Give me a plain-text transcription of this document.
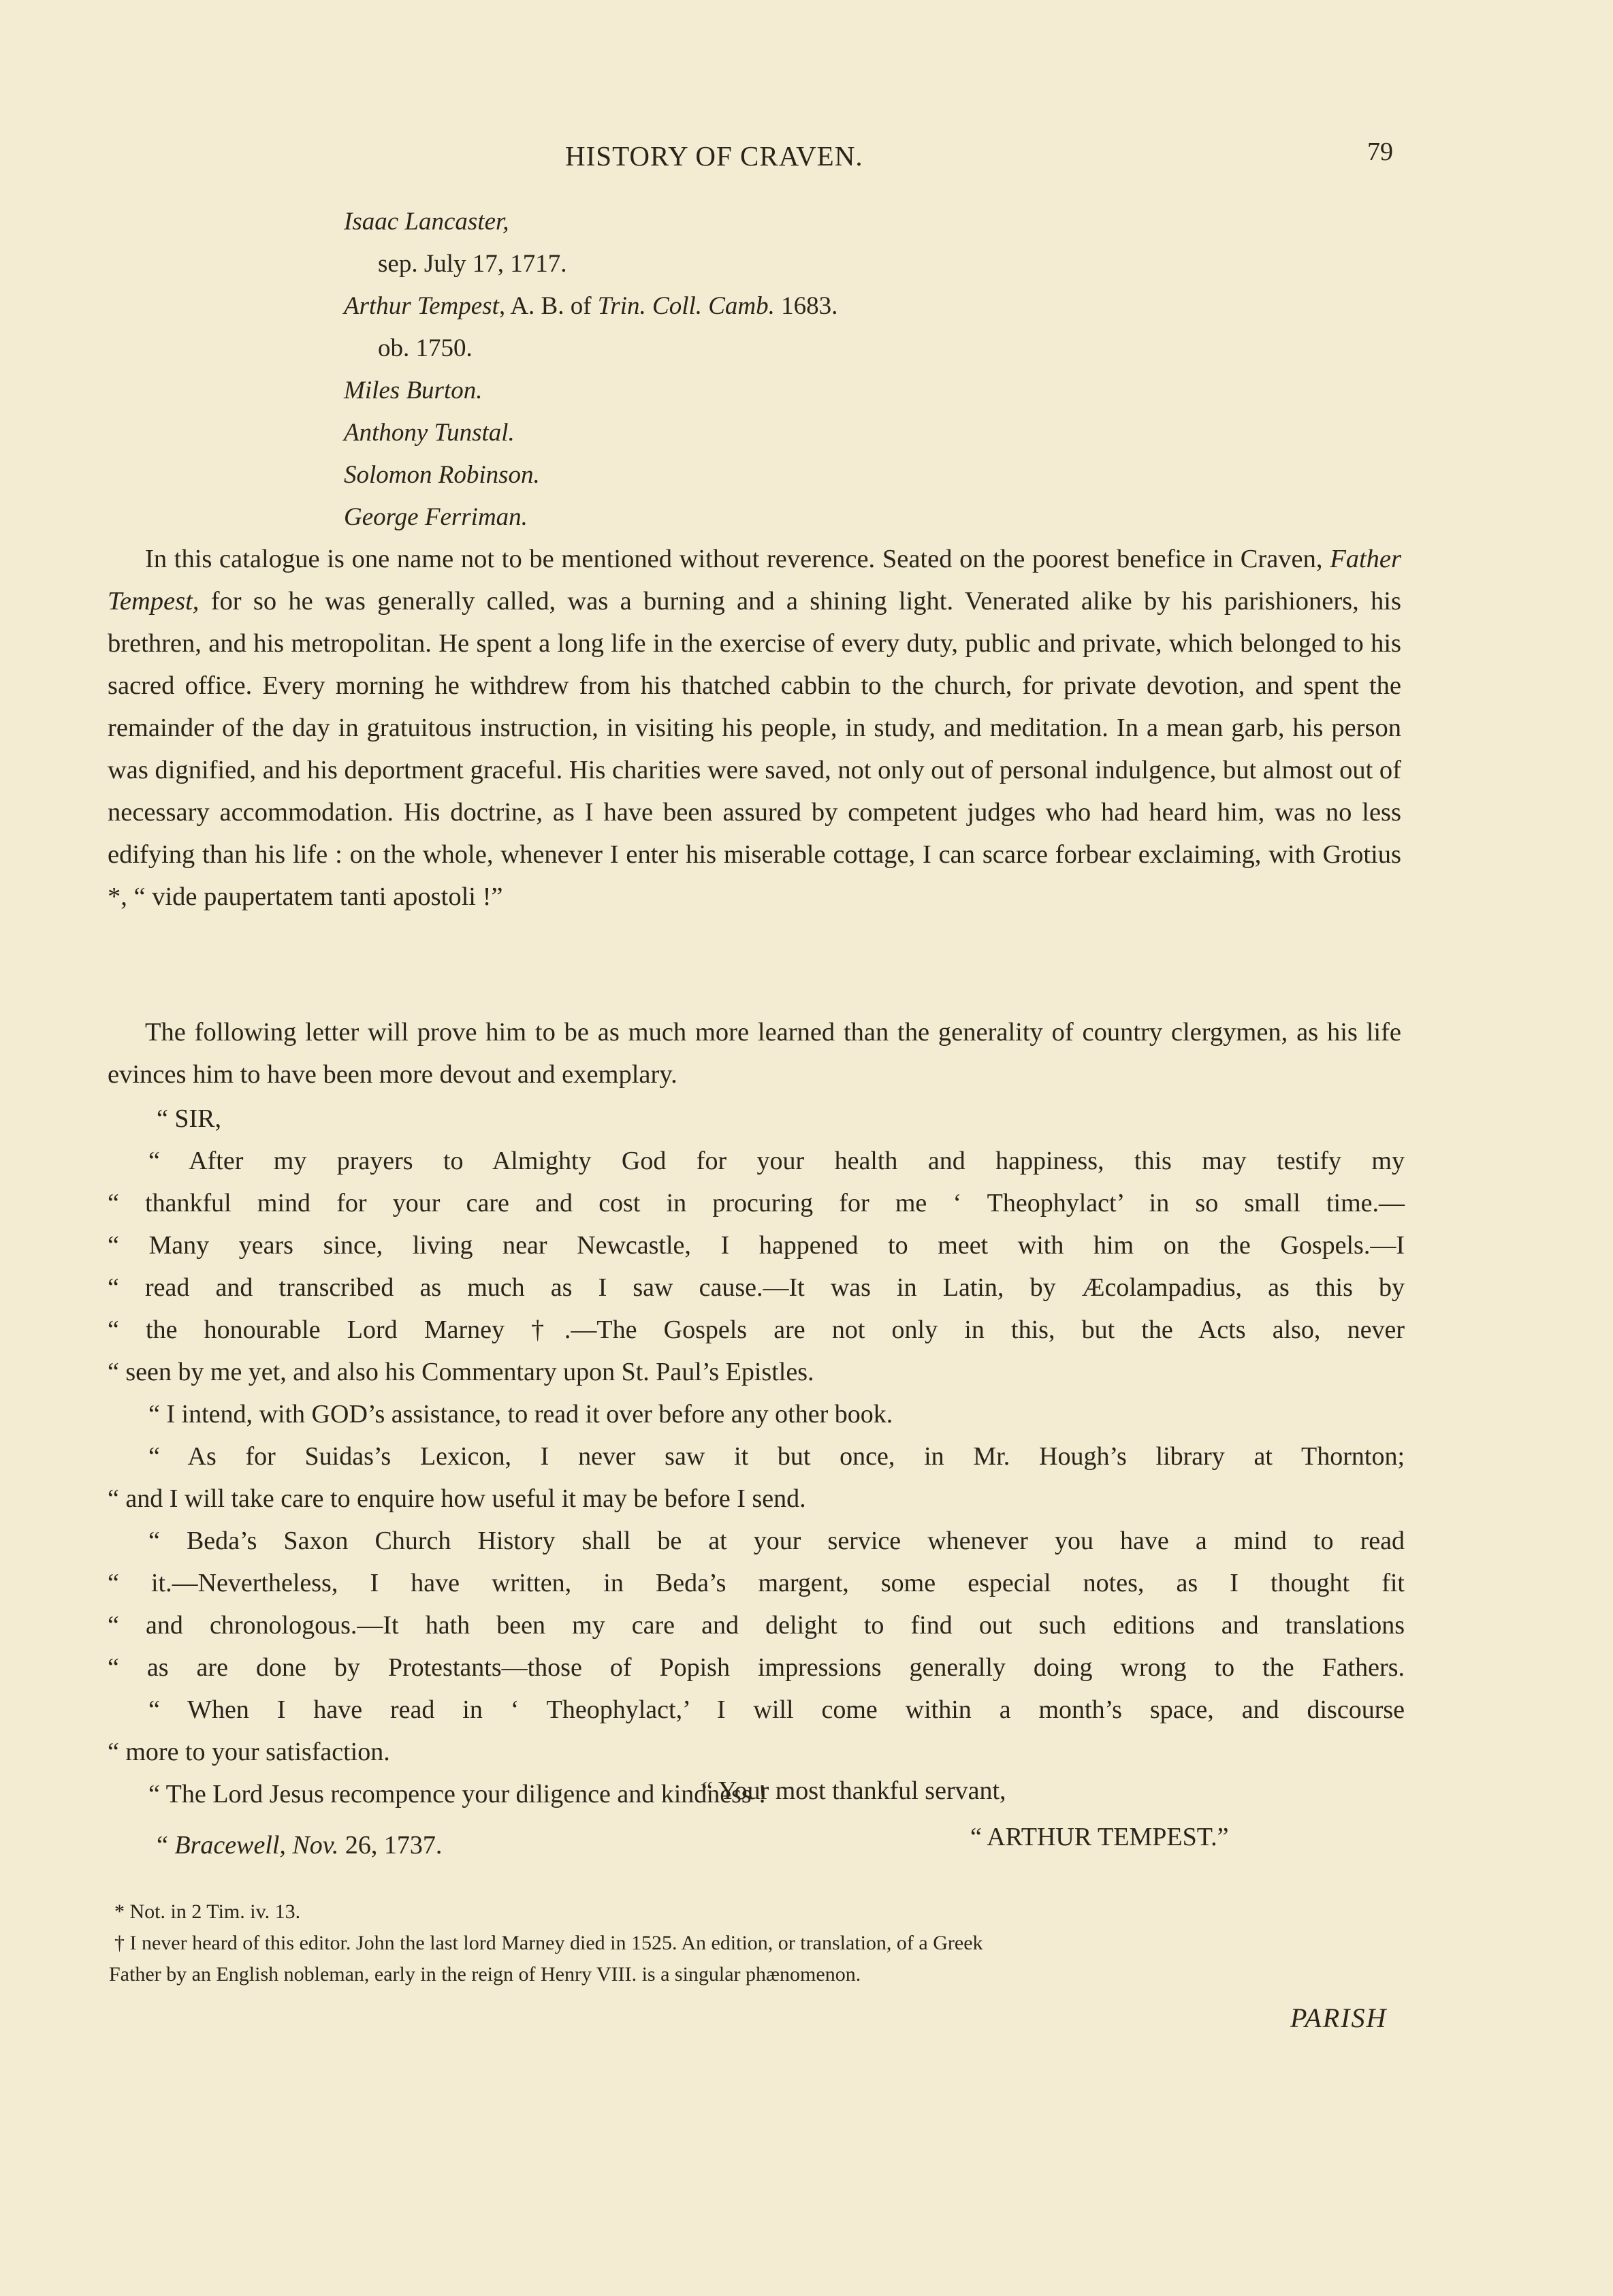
HISTORY OF CRAVEN.	79
Isaac Lancaster,
sep. July 17, 1717.
Arthur Tempest, A. B. of Trin. Coll. Camb. 1683.
ob. 1750.
Miles Burton.
Anthony Tunstal.
Solomon Robinson.
George Ferriman.

In this catalogue is one name not to be mentioned without reverence. Seated on the poorest benefice in Craven, Father Tempest, for so he was generally called, was a burning and a shining light. Venerated alike by his parishioners, his brethren, and his metropolitan. He spent a long life in the exercise of every duty, public and private, which belonged to his sacred office. Every morning he withdrew from his thatched cabbin to the church, for private devotion, and spent the remainder of the day in gratuitous instruction, in visiting his people, in study, and meditation. In a mean garb, his person was dignified, and his deportment graceful. His charities were saved, not only out of personal indulgence, but almost out of necessary accommodation. His doctrine, as I have been assured by competent judges who had heard him, was no less edifying than his life : on the whole, whenever I enter his miserable cottage, I can scarce forbear exclaiming, with Grotius *, “ vide paupertatem tanti apostoli !”

The following letter will prove him to be as much more learned than the generality of country clergymen, as his life evinces him to have been more devout and exemplary.

“ SIR,
“ After my prayers to Almighty God for your health and happiness, this may testify my
“ thankful mind for your care and cost in procuring for me ‘ Theophylact’ in so small time.—
“ Many years since, living near Newcastle, I happened to meet with him on the Gospels.—I
“ read and transcribed as much as I saw cause.—It was in Latin, by Æcolampadius, as this by
“ the honourable Lord Marney †.—The Gospels are not only in this, but the Acts also, never
“ seen by me yet, and also his Commentary upon St. Paul’s Epistles.
“ I intend, with GOD’s assistance, to read it over before any other book.
“ As for Suidas’s Lexicon, I never saw it but once, in Mr. Hough’s library at Thornton;
“ and I will take care to enquire how useful it may be before I send.
“ Beda’s Saxon Church History shall be at your service whenever you have a mind to read
“ it.—Nevertheless, I have written, in Beda’s margent, some especial notes, as I thought fit
“ and chronologous.—It hath been my care and delight to find out such editions and translations
“ as are done by Protestants—those of Popish impressions generally doing wrong to the Fathers.
“ When I have read in ‘ Theophylact,’ I will come within a month’s space, and discourse
“ more to your satisfaction.
“ The Lord Jesus recompence your diligence and kindness !
“ Your most thankful servant,
“ Bracewell, Nov. 26, 1737.	“ ARTHUR TEMPEST.”
* Not. in 2 Tim. iv. 13.
† I never heard of this editor. John the last lord Marney died in 1525. An edition, or translation, of a Greek
Father by an English nobleman, early in the reign of Henry VIII. is a singular phænomenon.
PARISH
